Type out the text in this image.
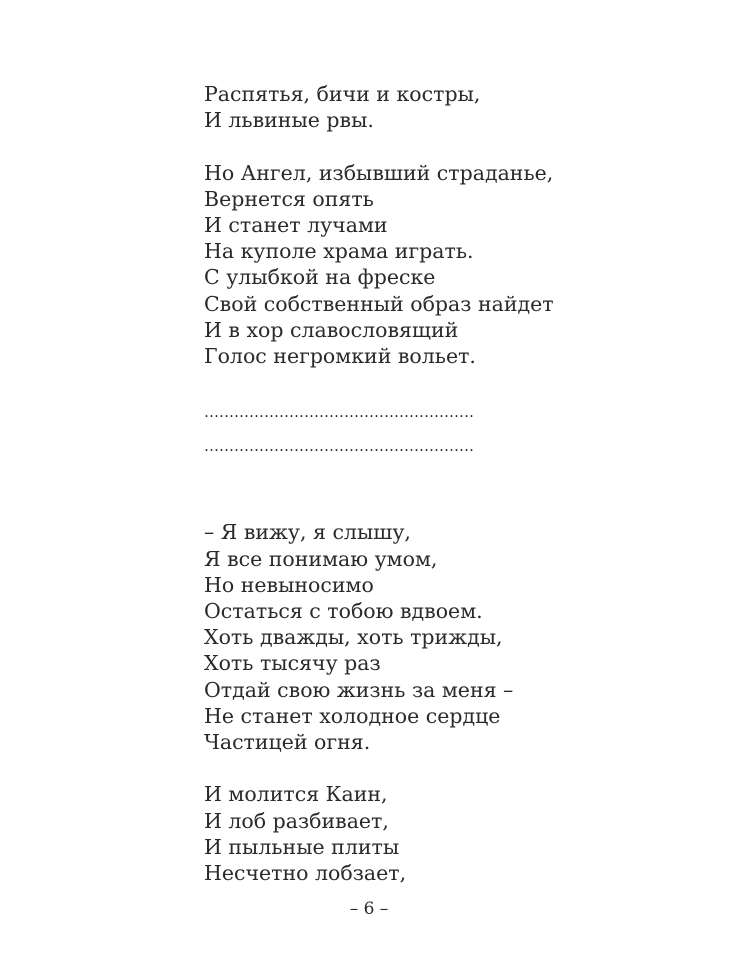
Распятья, бичи и костры,
И львиные рвы.
Но Ангел, избывший страданье,
Вернется опять
И станет лучами
На куполе храма играть.
С улыбкой на фреске
Свой собственный образ найдет
И в хор славословящий
Голос негромкий вольет.
………………………………………………
………………………………………………
– Я вижу, я слышу,
Я все понимаю умом,
Но невыносимо
Остаться с тобою вдвоем.
Хоть дважды, хоть трижды,
Хоть тысячу раз
Отдай свою жизнь за меня –
Не станет холодное сердце
Частицей огня.
И молится Каин,
И лоб разбивает,
И пыльные плиты
Несчетно лобзает,
– 6 –
